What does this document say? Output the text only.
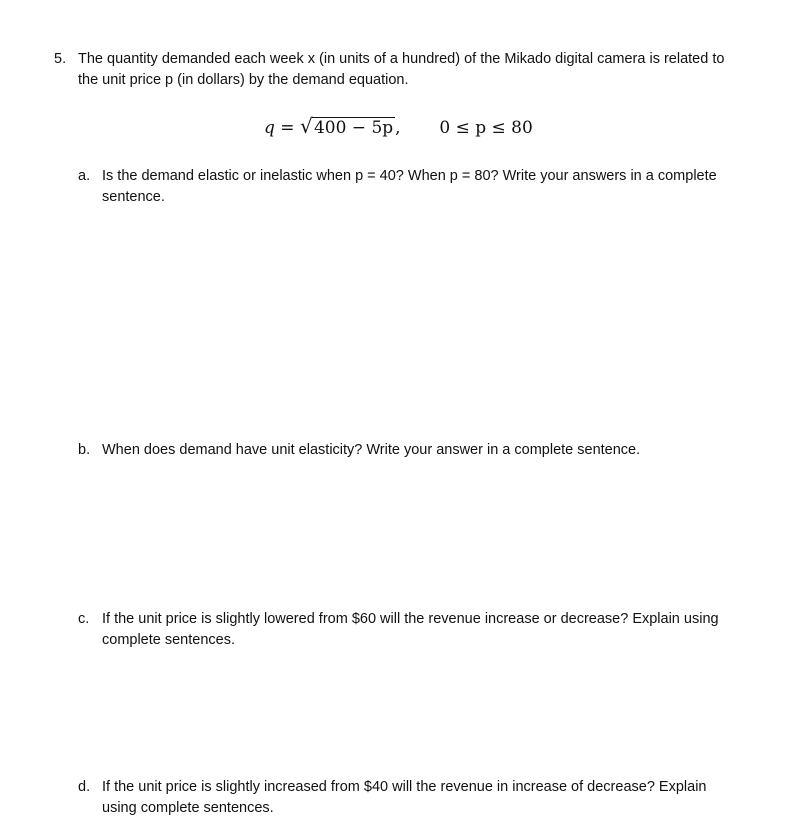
5. The quantity demanded each week x (in units of a hundred) of the Mikado digital camera is related to
the unit price p (in dollars) by the demand equation.
q = √ 400 − 5p , 0 ≤ p ≤ 80
a. Is the demand elastic or inelastic when p = 40? When p = 80? Write your answers in a complete
sentence.
b. When does demand have unit elasticity? Write your answer in a complete sentence.
c. If the unit price is slightly lowered from $60 will the revenue increase or decrease? Explain using
complete sentences.
d. If the unit price is slightly increased from $40 will the revenue in increase of decrease? Explain
using complete sentences.
